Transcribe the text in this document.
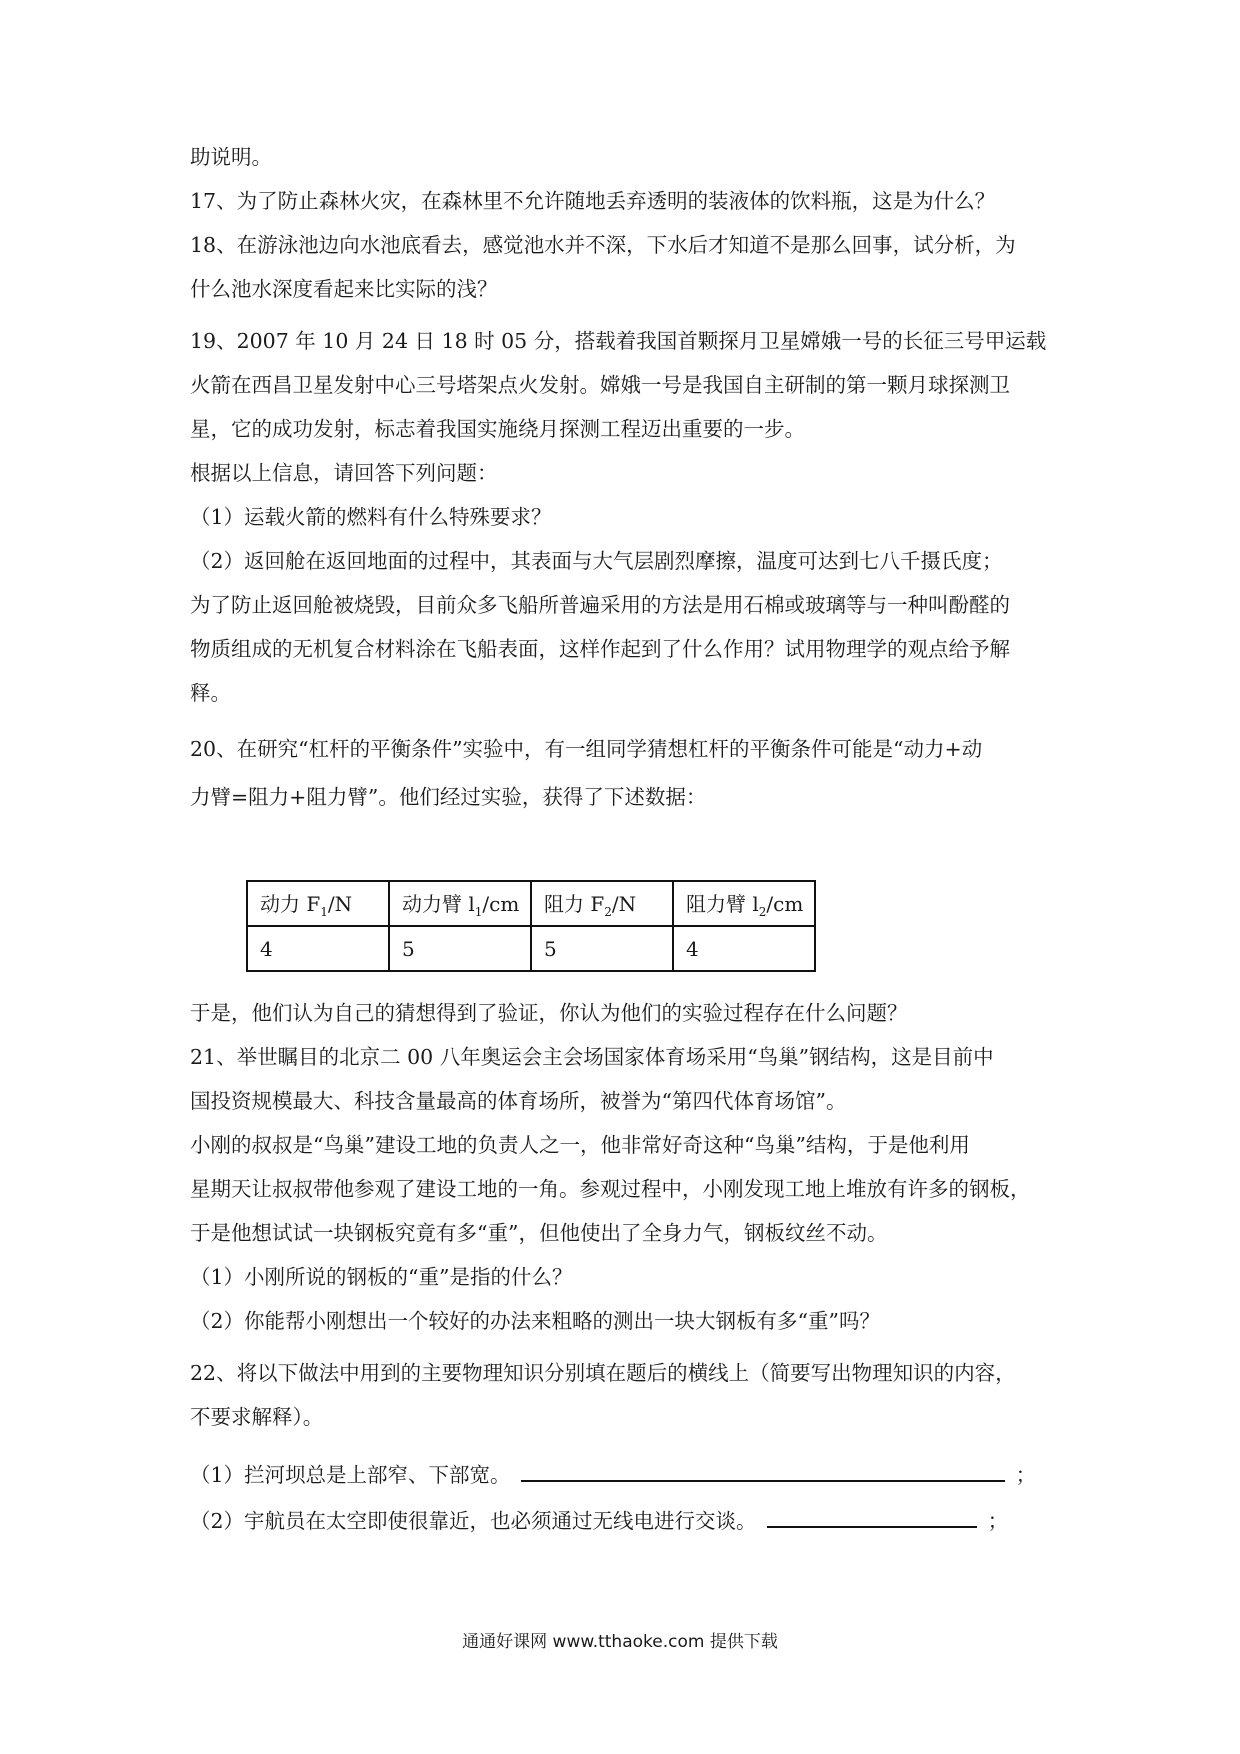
助说明。
17、为了防止森林火灾，在森林里不允许随地丢弃透明的装液体的饮料瓶，这是为什么？
18、在游泳池边向水池底看去，感觉池水并不深，下水后才知道不是那么回事，试分析，为
什么池水深度看起来比实际的浅？
19、2007 年 10 月 24 日 18 时 05 分，搭载着我国首颗探月卫星嫦娥一号的长征三号甲运载
火箭在西昌卫星发射中心三号塔架点火发射。嫦娥一号是我国自主研制的第一颗月球探测卫
星，它的成功发射，标志着我国实施绕月探测工程迈出重要的一步。
根据以上信息，请回答下列问题：
（1）运载火箭的燃料有什么特殊要求？
（2）返回舱在返回地面的过程中，其表面与大气层剧烈摩擦，温度可达到七八千摄氏度；
为了防止返回舱被烧毁，目前众多飞船所普遍采用的方法是用石棉或玻璃等与一种叫酚醛的
物质组成的无机复合材料涂在飞船表面，这样作起到了什么作用？试用物理学的观点给予解
释。
20、在研究“杠杆的平衡条件”实验中，有一组同学猜想杠杆的平衡条件可能是“动力+动
力臂=阻力+阻力臂”。他们经过实验，获得了下述数据：
动力 $F_1/N$	动力臂 $l_1/cm$	阻力 $F_2/N$	阻力臂 $l_2/cm$
4	5	5	4
于是，他们认为自己的猜想得到了验证，你认为他们的实验过程存在什么问题？
21、举世瞩目的北京二 00 八年奥运会主会场国家体育场采用“鸟巢”钢结构，这是目前中
国投资规模最大、科技含量最高的体育场所，被誉为“第四代体育场馆”。
小刚的叔叔是“鸟巢”建设工地的负责人之一，他非常好奇这种“鸟巢”结构，于是他利用
星期天让叔叔带他参观了建设工地的一角。参观过程中，小刚发现工地上堆放有许多的钢板，
于是他想试试一块钢板究竟有多“重”，但他使出了全身力气，钢板纹丝不动。
（1）小刚所说的钢板的“重”是指的什么？
（2）你能帮小刚想出一个较好的办法来粗略的测出一块大钢板有多“重”吗？
22、将以下做法中用到的主要物理知识分别填在题后的横线上（简要写出物理知识的内容，
不要求解释）。
（1）拦河坝总是上部窄、下部宽。	；
（2）宇航员在太空即使很靠近，也必须通过无线电进行交谈。	；
通通好课网 www.tthaoke.com 提供下载
